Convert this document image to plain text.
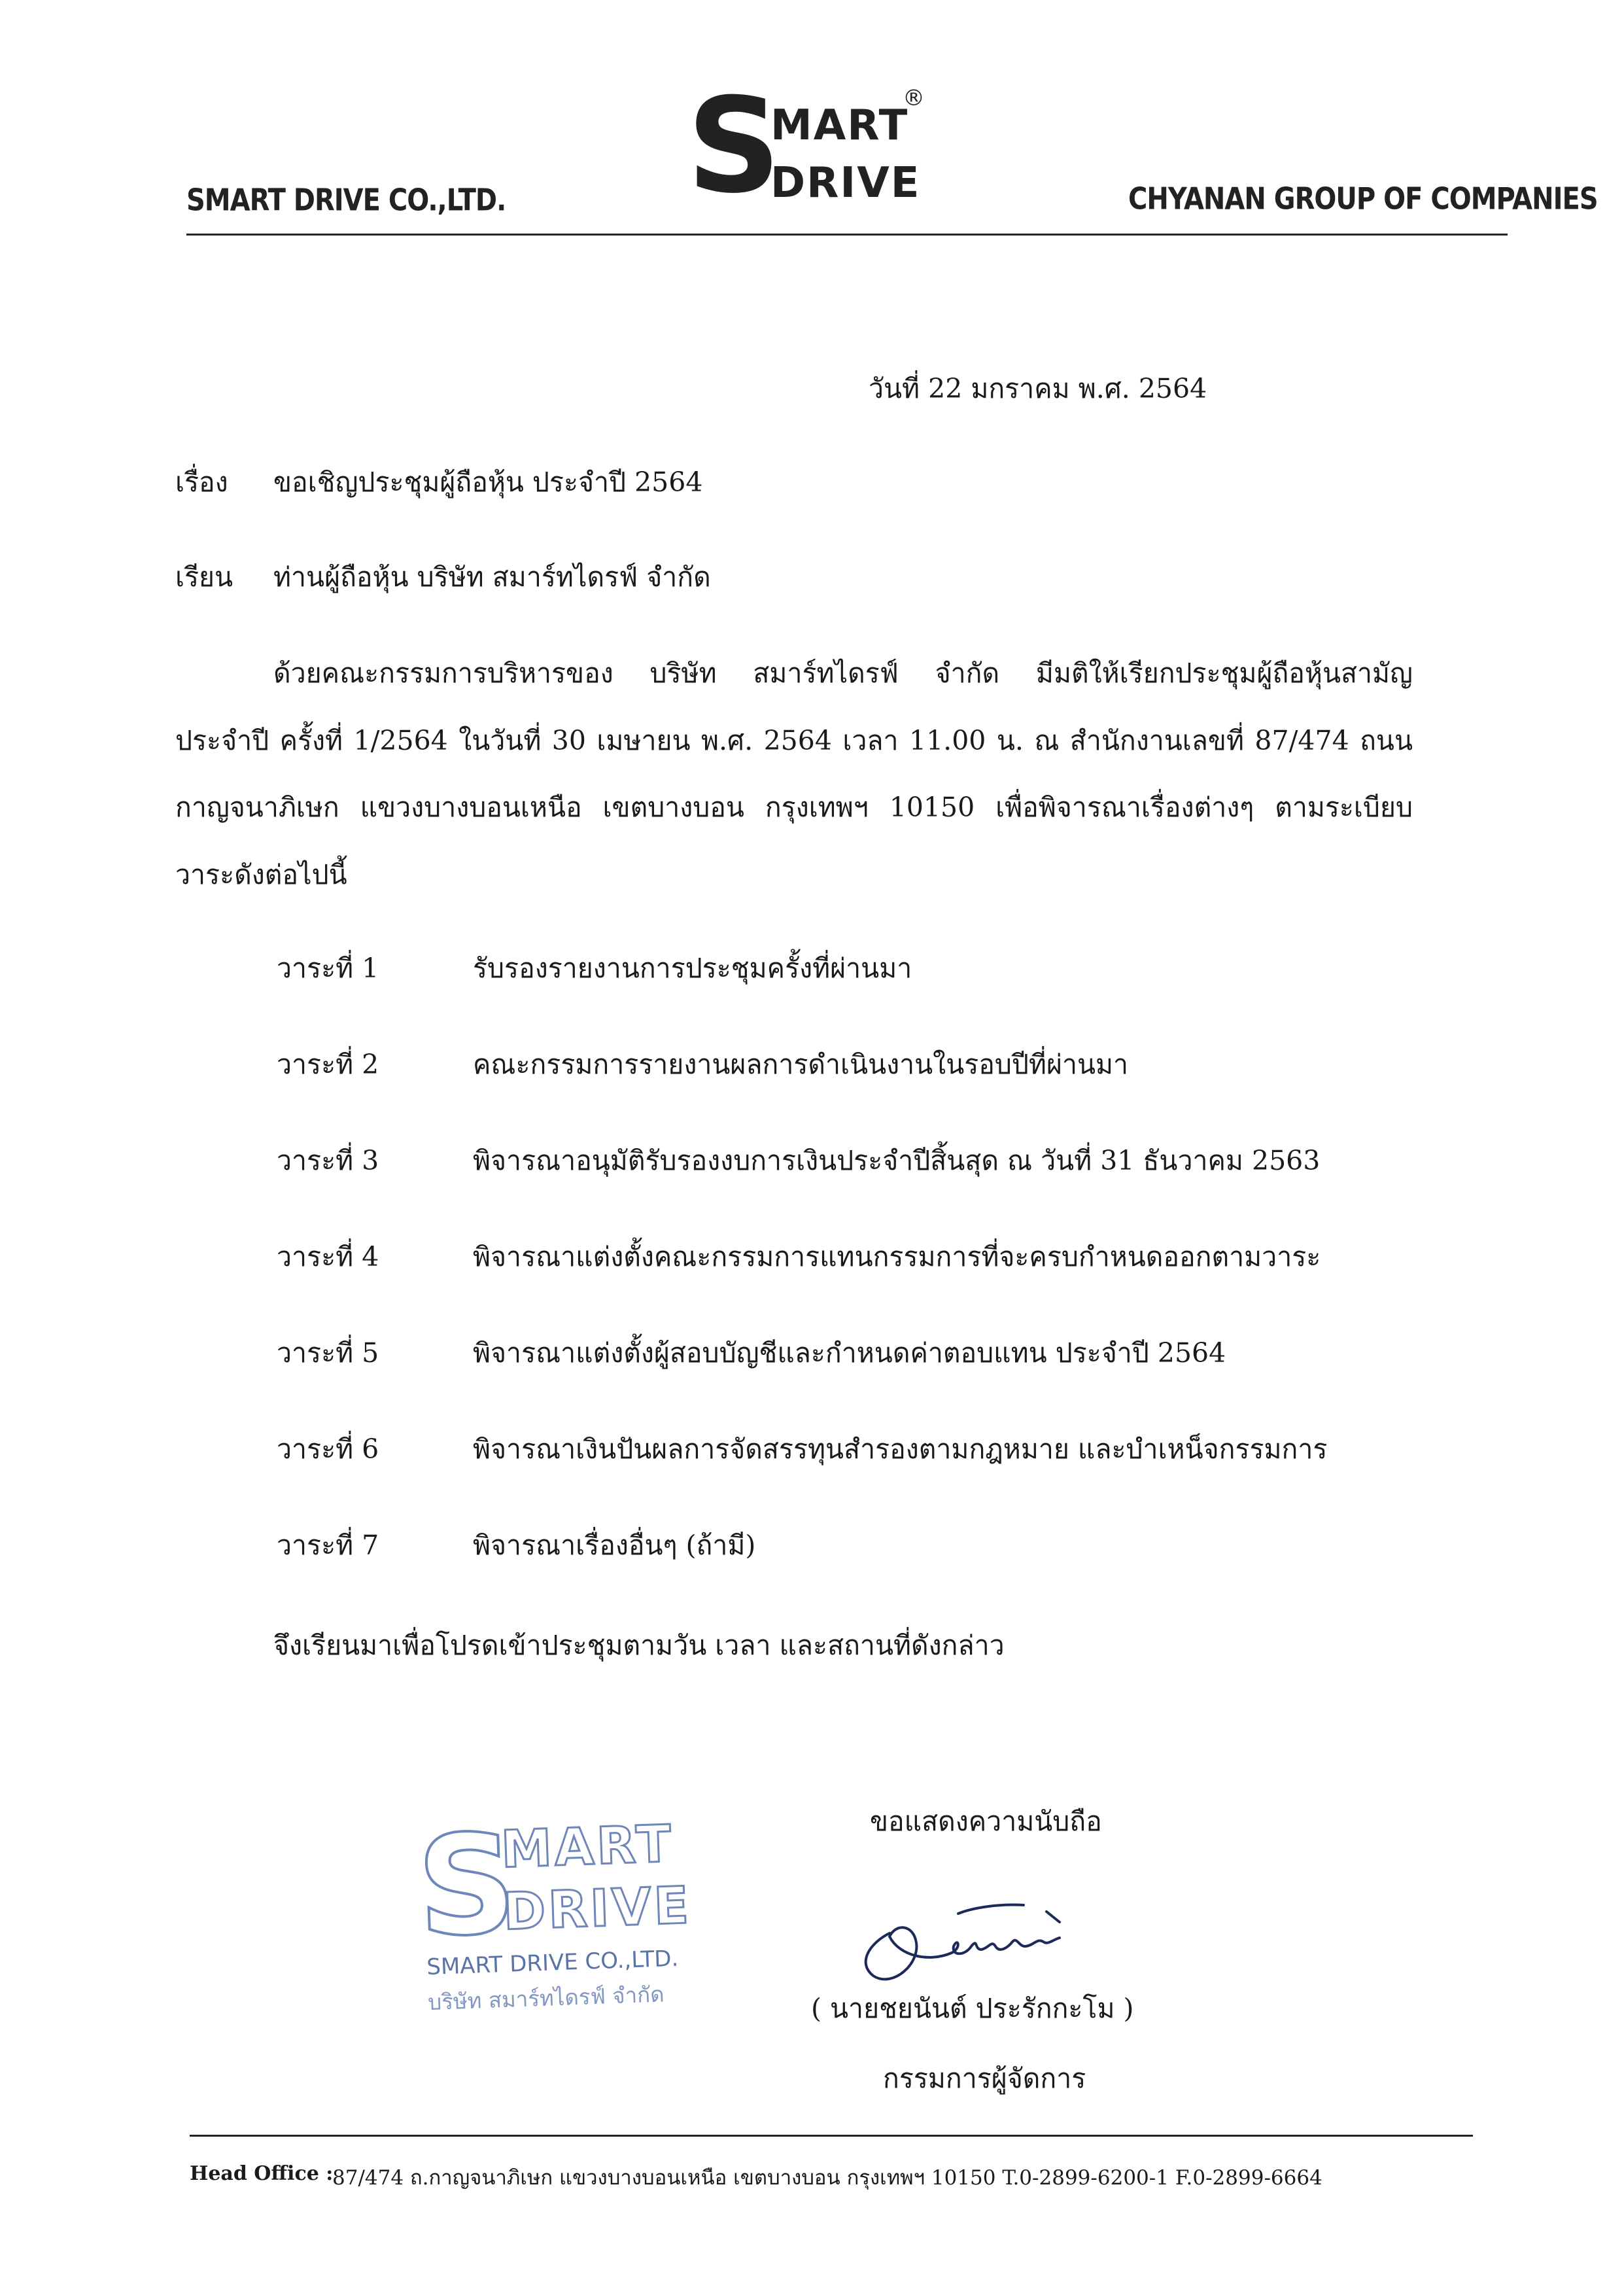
SMART DRIVE CO.,LTD. S
MART
DRIVE
®
CHYANAN GROUP OF COMPANIES
วันที่ 22 มกราคม พ.ศ. 2564
เรื่อง ขอเชิญประชุมผู้ถือหุ้น ประจำปี 2564
เรียน ท่านผู้ถือหุ้น บริษัท สมาร์ทไดรฟ์ จำกัด
ด้วยคณะกรรมการบริหารของ บริษัท สมาร์ทไดรฟ์ จำกัด มีมติให้เรียกประชุมผู้ถือหุ้นสามัญ
ประจำปี ครั้งที่ 1/2564 ในวันที่ 30 เมษายน พ.ศ. 2564 เวลา 11.00 น. ณ สำนักงานเลขที่ 87/474 ถนน
กาญจนาภิเษก แขวงบางบอนเหนือ เขตบางบอน กรุงเทพฯ 10150 เพื่อพิจารณาเรื่องต่างๆ ตามระเบียบ
วาระดังต่อไปนี้
วาระที่ 1	รับรองรายงานการประชุมครั้งที่ผ่านมา
วาระที่ 2	คณะกรรมการรายงานผลการดำเนินงานในรอบปีที่ผ่านมา
วาระที่ 3	พิจารณาอนุมัติรับรองงบการเงินประจำปีสิ้นสุด ณ วันที่ 31 ธันวาคม 2563
วาระที่ 4	พิจารณาแต่งตั้งคณะกรรมการแทนกรรมการที่จะครบกำหนดออกตามวาระ
วาระที่ 5	พิจารณาแต่งตั้งผู้สอบบัญชีและกำหนดค่าตอบแทน ประจำปี 2564
วาระที่ 6	พิจารณาเงินปันผลการจัดสรรทุนสำรองตามกฎหมาย และบำเหน็จกรรมการ
วาระที่ 7	พิจารณาเรื่องอื่นๆ (ถ้ามี)
จึงเรียนมาเพื่อโปรดเข้าประชุมตามวัน เวลา และสถานที่ดังกล่าว
S
MART
DRIVE
SMART DRIVE CO.,LTD.
บริษัท สมาร์ทไดรฟ์ จำกัด
ขอแสดงความนับถือ
( นายชยนันต์ ประรักกะโม )
กรรมการผู้จัดการ
Head Office :
87/474 ถ.กาญจนาภิเษก แขวงบางบอนเหนือ เขตบางบอน กรุงเทพฯ 10150 T.0-2899-6200-1 F.0-2899-6664
